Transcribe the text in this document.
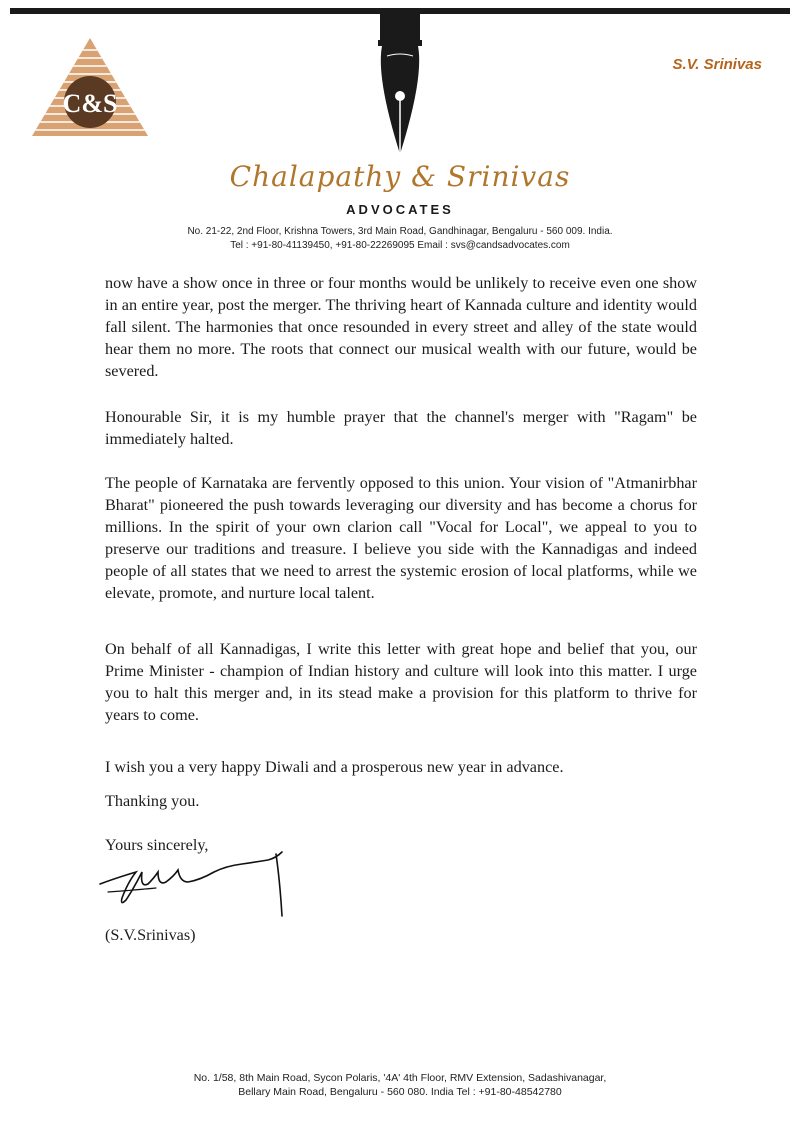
C&S
S.V. Srinivas
Chalapathy & Srinivas
ADVOCATES
No. 21-22, 2nd Floor, Krishna Towers, 3rd Main Road, Gandhinagar, Bengaluru - 560 009. India.
Tel : +91-80-41139450, +91-80-22269095 Email : svs@candsadvocates.com

now have a show once in three or four months would be unlikely to receive even one show in an entire year, post the merger. The thriving heart of Kannada culture and identity would fall silent. The harmonies that once resounded in every street and alley of the state would hear them no more. The roots that connect our musical wealth with our future, would be severed.

Honourable Sir, it is my humble prayer that the channel's merger with "Ragam" be immediately halted.

The people of Karnataka are fervently opposed to this union. Your vision of "Atmanirbhar Bharat" pioneered the push towards leveraging our diversity and has become a chorus for millions. In the spirit of your own clarion call "Vocal for Local", we appeal to you to preserve our traditions and treasure. I believe you side with the Kannadigas and indeed people of all states that we need to arrest the systemic erosion of local platforms, while we elevate, promote, and nurture local talent.

On behalf of all Kannadigas, I write this letter with great hope and belief that you, our Prime Minister - champion of Indian history and culture will look into this matter. I urge you to halt this merger and, in its stead make a provision for this platform to thrive for years to come.

I wish you a very happy Diwali and a prosperous new year in advance.

Thanking you.

Yours sincerely,

(S.V.Srinivas)

No. 1/58, 8th Main Road, Sycon Polaris, '4A' 4th Floor, RMV Extension, Sadashivanagar,
Bellary Main Road, Bengaluru - 560 080. India Tel : +91-80-48542780
